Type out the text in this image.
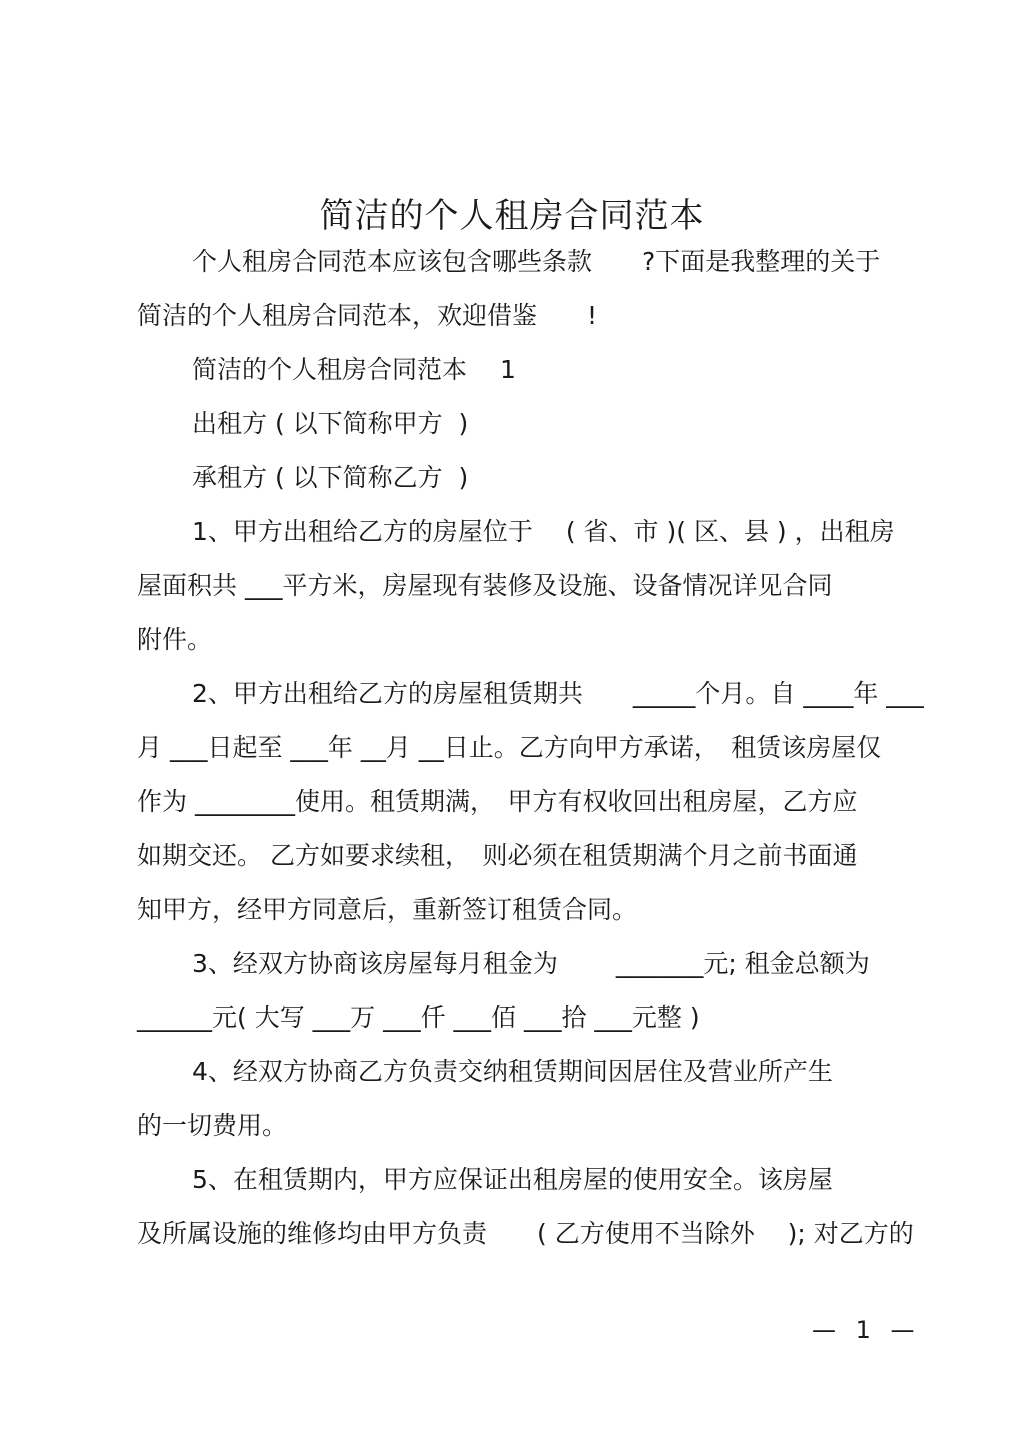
简洁的个人租房合同范本
个人租房合同范本应该包含哪些条款　　?下面是我整理的关于
简洁的个人租房合同范本，欢迎借鉴　　!
简洁的个人租房合同范本　 1
出租方 ( 以下简称甲方  )
承租方 ( 以下简称乙方  )
1、甲方出租给乙方的房屋位于　 ( 省、市 )( 区、县 ) ，出租房
屋面积共 ___平方米，房屋现有装修及设施、设备情况详见合同
附件。
2、甲方出租给乙方的房屋租赁期共　　_____个月。自 ____年 ___
月 ___日起至 ___年 __月 __日止。乙方向甲方承诺，　租赁该房屋仅
作为 ________使用。租赁期满，　甲方有权收回出租房屋，乙方应
如期交还。 乙方如要求续租，　则必须在租赁期满个月之前书面通
知甲方，经甲方同意后，重新签订租赁合同。
3、经双方协商该房屋每月租金为　　 _______元; 租金总额为
______元( 大写 ___万 ___仟 ___佰 ___拾 ___元整 )
4、经双方协商乙方负责交纳租赁期间因居住及营业所产生
的一切费用。
5、在租赁期内，甲方应保证出租房屋的使用安全。该房屋
及所属设施的维修均由甲方负责　　( 乙方使用不当除外　 ); 对乙方的
— 1 —
